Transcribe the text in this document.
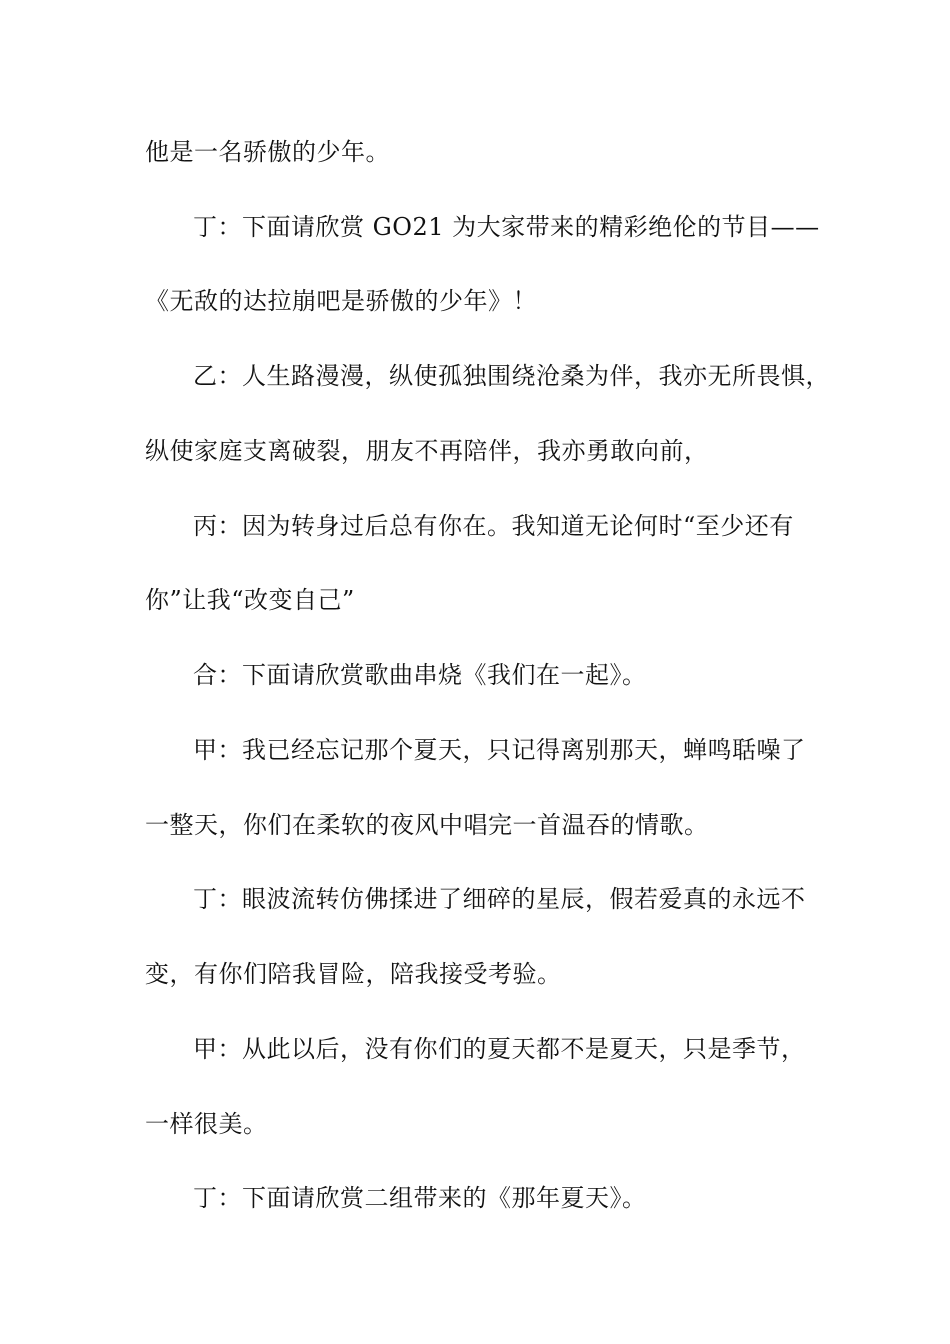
他是一名骄傲的少年。
丁：下面请欣赏 GO21 为大家带来的精彩绝伦的节目——
《无敌的达拉崩吧是骄傲的少年》！
乙：人生路漫漫，纵使孤独围绕沧桑为伴，我亦无所畏惧，
纵使家庭支离破裂，朋友不再陪伴，我亦勇敢向前，
丙：因为转身过后总有你在。我知道无论何时“至少还有
你”让我“改变自己”
合：下面请欣赏歌曲串烧《我们在一起》。
甲：我已经忘记那个夏天，只记得离别那天，蝉鸣聒噪了
一整天，你们在柔软的夜风中唱完一首温吞的情歌。
丁：眼波流转仿佛揉进了细碎的星辰，假若爱真的永远不
变，有你们陪我冒险，陪我接受考验。
甲：从此以后，没有你们的夏天都不是夏天，只是季节，
一样很美。
丁：下面请欣赏二组带来的《那年夏天》。
